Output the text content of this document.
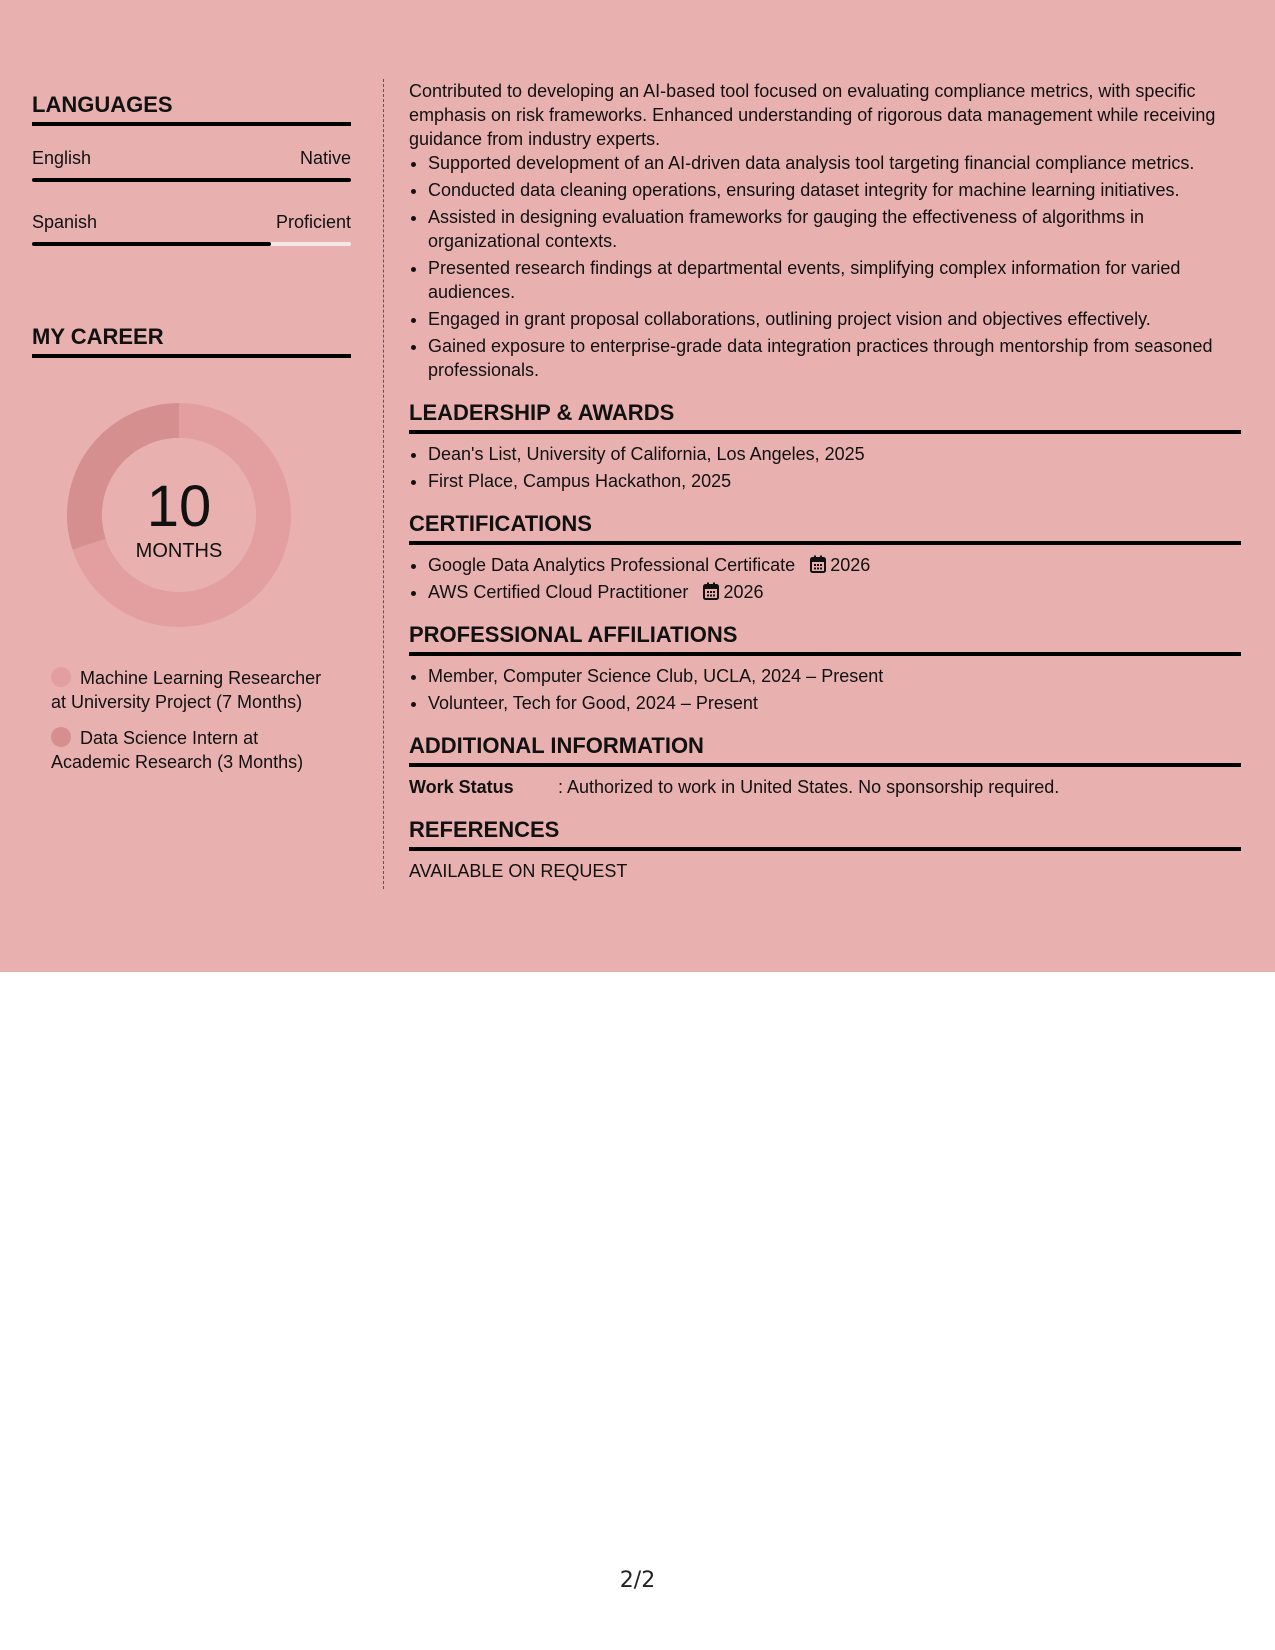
LANGUAGES
English	Native
Spanish	Proficient
MY CAREER
10
MONTHS
Machine Learning Researcher at University Project (7 Months)
Data Science Intern at Academic Research (3 Months)

Contributed to developing an AI-based tool focused on evaluating compliance metrics, with specific emphasis on risk frameworks. Enhanced understanding of rigorous data management while receiving guidance from industry experts.

• Supported development of an AI-driven data analysis tool targeting financial compliance metrics.
• Conducted data cleaning operations, ensuring dataset integrity for machine learning initiatives.
• Assisted in designing evaluation frameworks for gauging the effectiveness of algorithms in organizational contexts.
• Presented research findings at departmental events, simplifying complex information for varied audiences.
• Engaged in grant proposal collaborations, outlining project vision and objectives effectively.
• Gained exposure to enterprise-grade data integration practices through mentorship from seasoned professionals.
LEADERSHIP & AWARDS
• Dean's List, University of California, Los Angeles, 2025
• First Place, Campus Hackathon, 2025
CERTIFICATIONS
• Google Data Analytics Professional Certificate 2026
• AWS Certified Cloud Practitioner 2026
PROFESSIONAL AFFILIATIONS
• Member, Computer Science Club, UCLA, 2024 – Present
• Volunteer, Tech for Good, 2024 – Present
ADDITIONAL INFORMATION
Work Status	: Authorized to work in United States. No sponsorship required.
REFERENCES
AVAILABLE ON REQUEST
2/2
